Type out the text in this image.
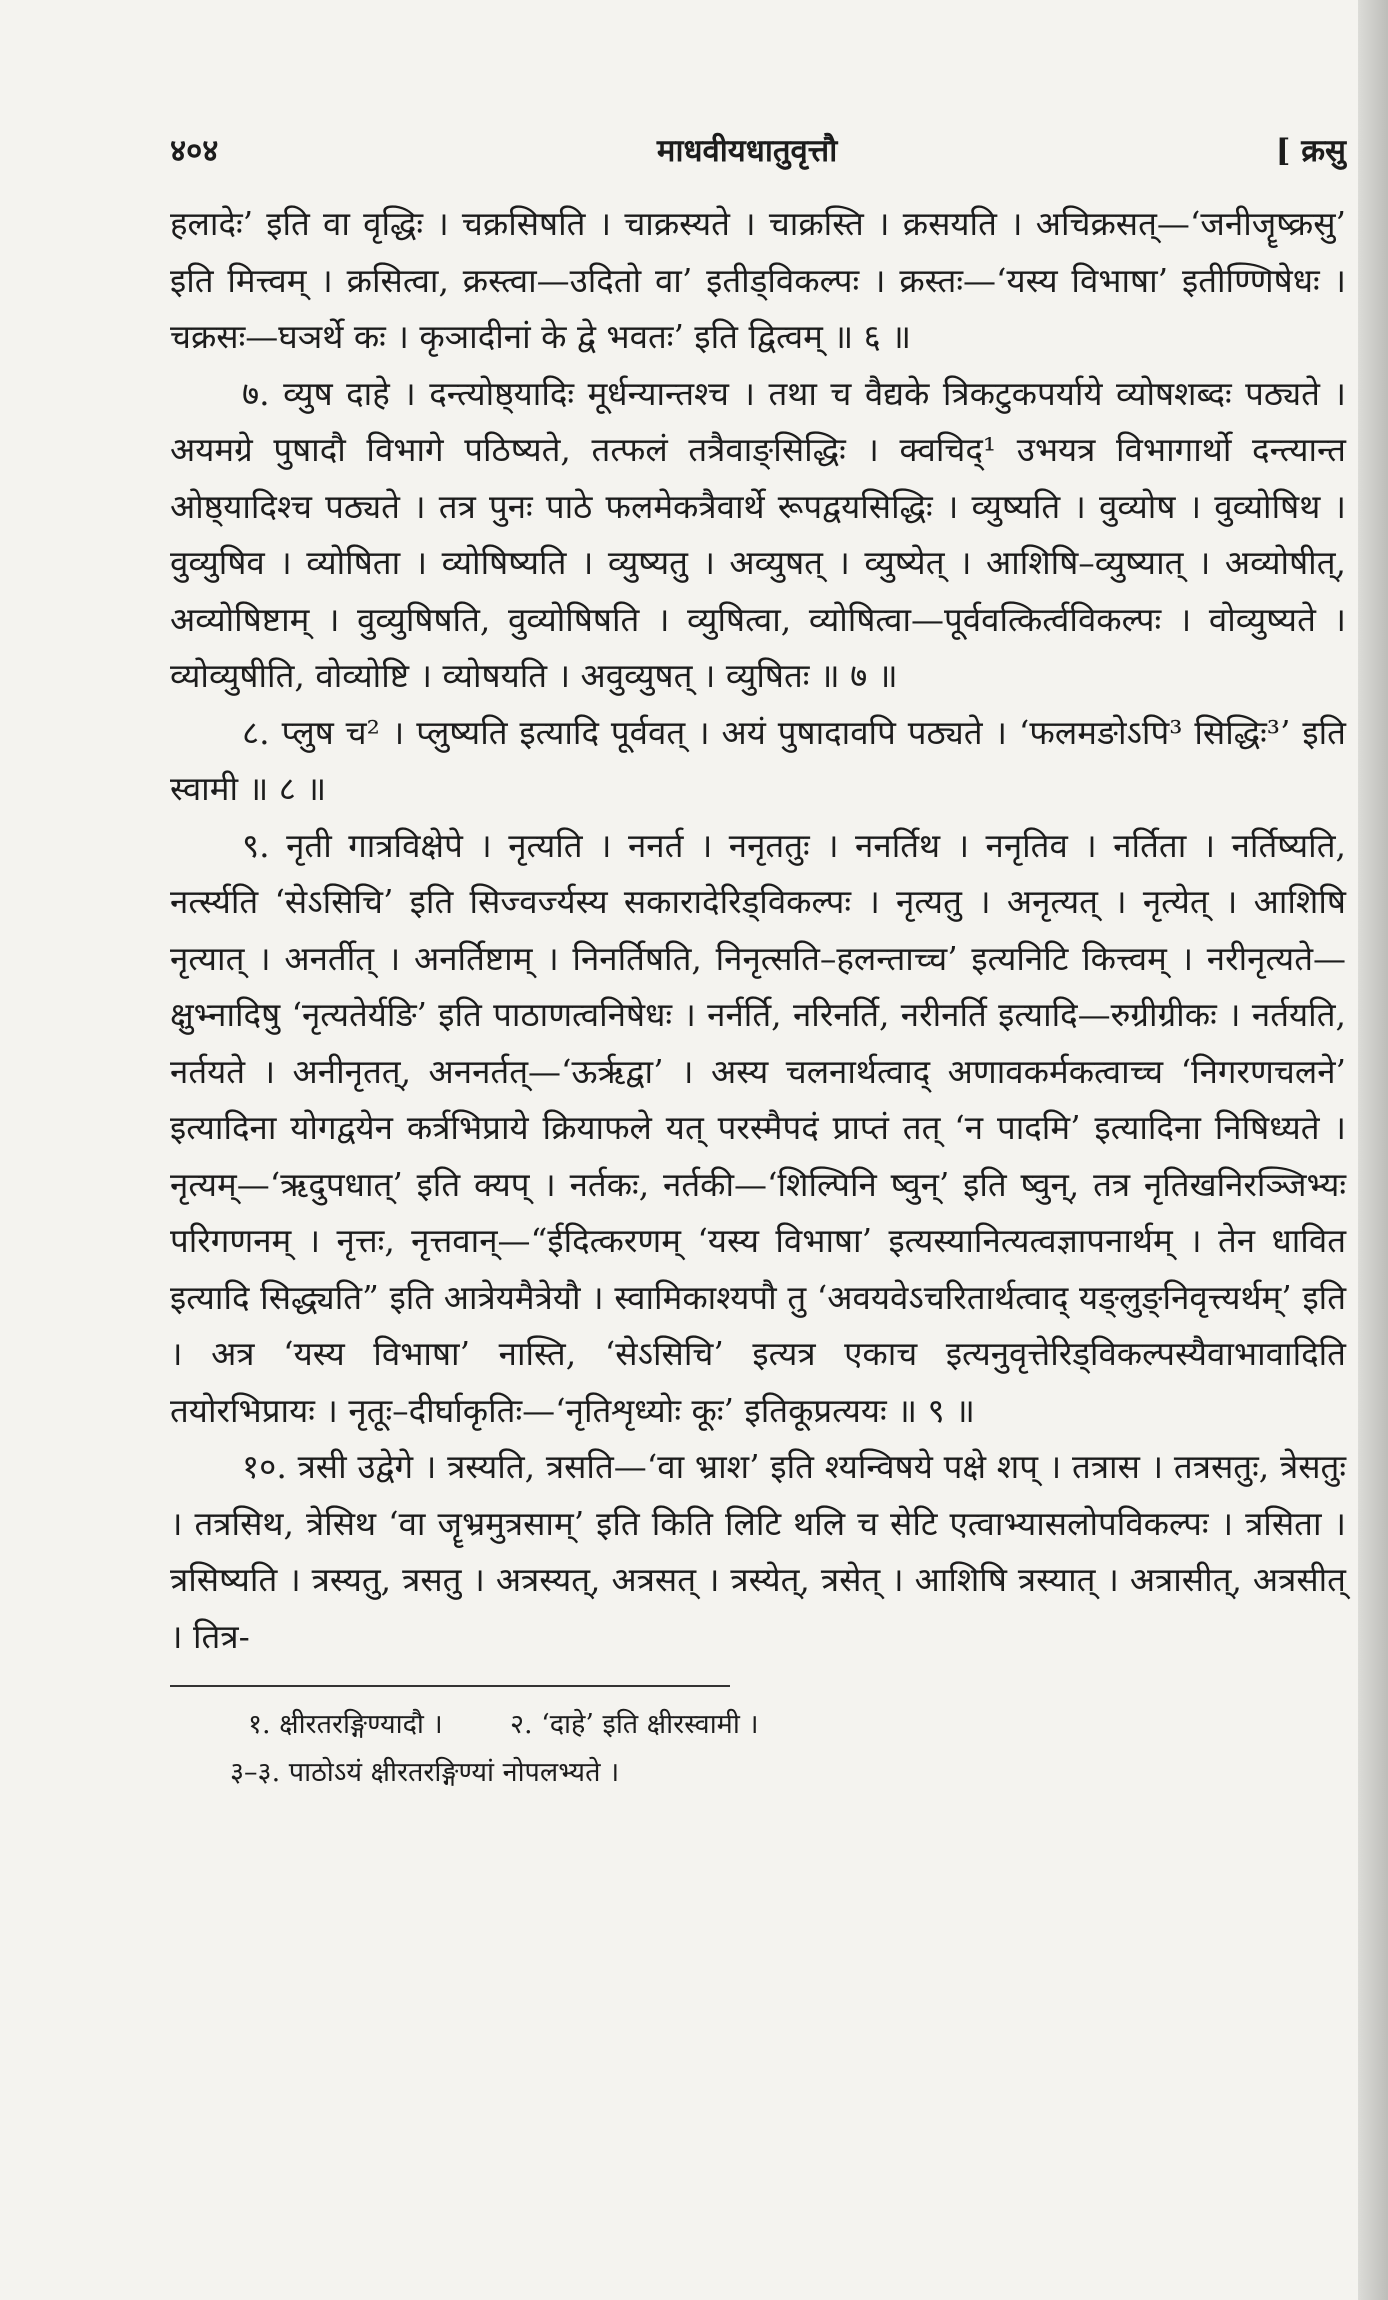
४०४	माधवीयधातुवृत्तौ	[ क्रसु

हलादेः’ इति वा वृद्धिः । चक्रसिषति । चाक्रस्यते । चाक्रस्ति । क्रसयति । अचिक्रसत्—‘जनीजॄष्क्रसु’ इति मित्त्वम् । क्रसित्वा, क्रस्त्वा—उदितो वा’ इतीड्विकल्पः । क्रस्तः—‘यस्य विभाषा’ इतीण्णिषेधः । चक्रसः—घञर्थे कः । कृञादीनां के द्वे भवतः’ इति द्वित्वम् ॥ ६ ॥

७. व्युष दाहे । दन्त्योष्ठ्यादिः मूर्धन्यान्तश्च । तथा च वैद्यके त्रिकटुकपर्याये व्योषशब्दः पठ्यते । अयमग्रे पुषादौ विभागे पठिष्यते, तत्फलं तत्रैवाङ्सिद्धिः । क्वचिद्¹ उभयत्र विभागार्थो दन्त्यान्त ओष्ठ्यादिश्च पठ्यते । तत्र पुनः पाठे फलमेकत्रैवार्थे रूपद्वयसिद्धिः । व्युष्यति । वुव्योष । वुव्योषिथ । वुव्युषिव । व्योषिता । व्योषिष्यति । व्युष्यतु । अव्युषत् । व्युष्येत् । आशिषि–व्युष्यात् । अव्योषीत्, अव्योषिष्टाम् । वुव्युषिषति, वुव्योषिषति । व्युषित्वा, व्योषित्वा—पूर्ववत्किर्त्वविकल्पः । वोव्युष्यते । व्योव्युषीति, वोव्योष्टि । व्योषयति । अवुव्युषत् । व्युषितः ॥ ७ ॥

८. प्लुष च² । प्लुष्यति इत्यादि पूर्ववत् । अयं पुषादावपि पठ्यते । ‘फलमङोऽपि³ सिद्धिः³’ इति स्वामी ॥ ८ ॥

९. नृती गात्रविक्षेपे । नृत्यति । ननर्त । ननृततुः । ननर्तिथ । ननृतिव । नर्तिता । नर्तिष्यति, नर्त्स्यति ‘सेऽसिचि’ इति सिज्वर्ज्यस्य सकारादेरिड्विकल्पः । नृत्यतु । अनृत्यत् । नृत्येत् । आशिषि नृत्यात् । अनर्तीत् । अनर्तिष्टाम् । निनर्तिषति, निनृत्सति–हलन्ताच्च’ इत्यनिटि कित्त्वम् । नरीनृत्यते—क्षुभ्नादिषु ‘नृत्यतेर्यङि’ इति पाठाणत्वनिषेधः । नर्नर्ति, नरिनर्ति, नरीनर्ति इत्यादि—रुग्रीग्रीकः । नर्तयति, नर्तयते । अनीनृतत्, अननर्तत्—‘ऊर्ऋद्वा’ । अस्य चलनार्थत्वाद् अणावकर्मकत्वाच्च ‘निगरणचलने’ इत्यादिना योगद्वयेन कर्त्रभिप्राये क्रियाफले यत् परस्मैपदं प्राप्तं तत् ‘न पादमि’ इत्यादिना निषिध्यते । नृत्यम्—‘ऋदुपधात्’ इति क्यप् । नर्तकः, नर्तकी—‘शिल्पिनि ष्वुन्’ इति ष्वुन्, तत्र नृतिखनिरञ्जिभ्यः परिगणनम् । नृत्तः, नृत्तवान्—“ईदित्करणम् ‘यस्य विभाषा’ इत्यस्यानित्यत्वज्ञापनार्थम् । तेन धावित इत्यादि सिद्ध्यति” इति आत्रेयमैत्रेयौ । स्वामिकाश्यपौ तु ‘अवयवेऽचरितार्थत्वाद् यङ्लुङ्निवृत्त्यर्थम्’ इति । अत्र ‘यस्य विभाषा’ नास्ति, ‘सेऽसिचि’ इत्यत्र एकाच इत्यनुवृत्तेरिड्विकल्पस्यैवाभावादिति तयोरभिप्रायः । नृतूः–दीर्घाकृतिः—‘नृतिशृध्योः कूः’ इतिकूप्रत्ययः ॥ ९ ॥

१०. त्रसी उद्वेगे । त्रस्यति, त्रसति—‘वा भ्राश’ इति श्यन्विषये पक्षे शप् । तत्रास । तत्रसतुः, त्रेसतुः । तत्रसिथ, त्रेसिथ ‘वा जॄभ्रमुत्रसाम्’ इति किति लिटि थलि च सेटि एत्वाभ्यासलोपविकल्पः । त्रसिता । त्रसिष्यति । त्रस्यतु, त्रसतु । अत्रस्यत्, अत्रसत् । त्रस्येत्, त्रसेत् । आशिषि त्रस्यात् । अत्रासीत्, अत्रसीत् । तित्र-

१. क्षीरतरङ्गिण्यादौ । २. ‘दाहे’ इति क्षीरस्वामी ।

३–३. पाठोऽयं क्षीरतरङ्गिण्यां नोपलभ्यते ।
